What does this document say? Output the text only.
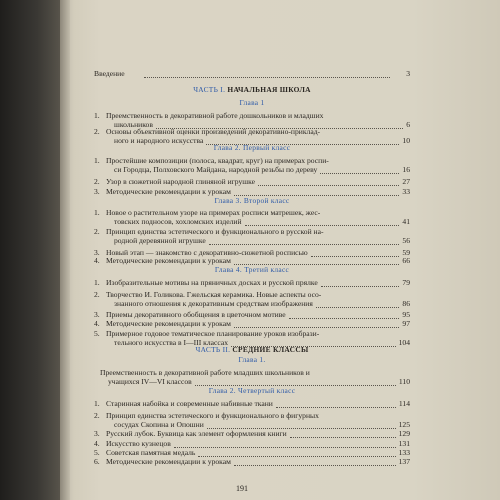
Введение	3
ЧАСТЬ I. НАЧАЛЬНАЯ ШКОЛА
Глава 1
1. Преемственность в декоративной работе дошкольников и младших
школьников	6
2. Основы объективной оценки произведений декоративно-приклад-
ного и народного искусства	10
Глава 2. Первый класс
1. Простейшие композиции (полоса, квадрат, круг) на примерах роспи-
си Городца, Полховского Майдана, народной резьбы по дереву	16
2. Узор в сюжетной народной глиняной игрушке	27
3. Методические рекомендации к урокам	33
Глава 3. Второй класс
1. Новое о растительном узоре на примерах росписи матрешек, жес-
товских подносов, хохломских изделий	41
2. Принцип единства эстетического и функционального в русской на-
родной деревянной игрушке	56
3. Новый этап — знакомство с декоративно-сюжетной росписью	59
4. Методические рекомендации к урокам	66
Глава 4. Третий класс
1. Изобразительные мотивы на пряничных досках и русской прялке	79
2. Творчество И. Голикова. Гжельская керамика. Новые аспекты осо-
знанного отношения к декоративным средствам изображения	86
3. Приемы декоративного обобщения в цветочном мотиве	95
4. Методические рекомендации к урокам	97
5. Примерное годовое тематическое планирование уроков изобрази-
тельного искусства в I—III классах	104
ЧАСТЬ II. СРЕДНИЕ КЛАССЫ
Глава 1.
Преемственность в декоративной работе младших школьников и
учащихся IV—VI классов	110
Глава 2. Четвертый класс
1. Старинная набойка и современные набивные ткани	114
2. Принцип единства эстетического и функционального в фигурных
сосудах Скопина и Опошни	125
3. Русский лубок. Буквица как элемент оформления книги	129
4. Искусство кузнецов	131
5. Советская памятная медаль	133
6. Методические рекомендации к урокам	137
191
